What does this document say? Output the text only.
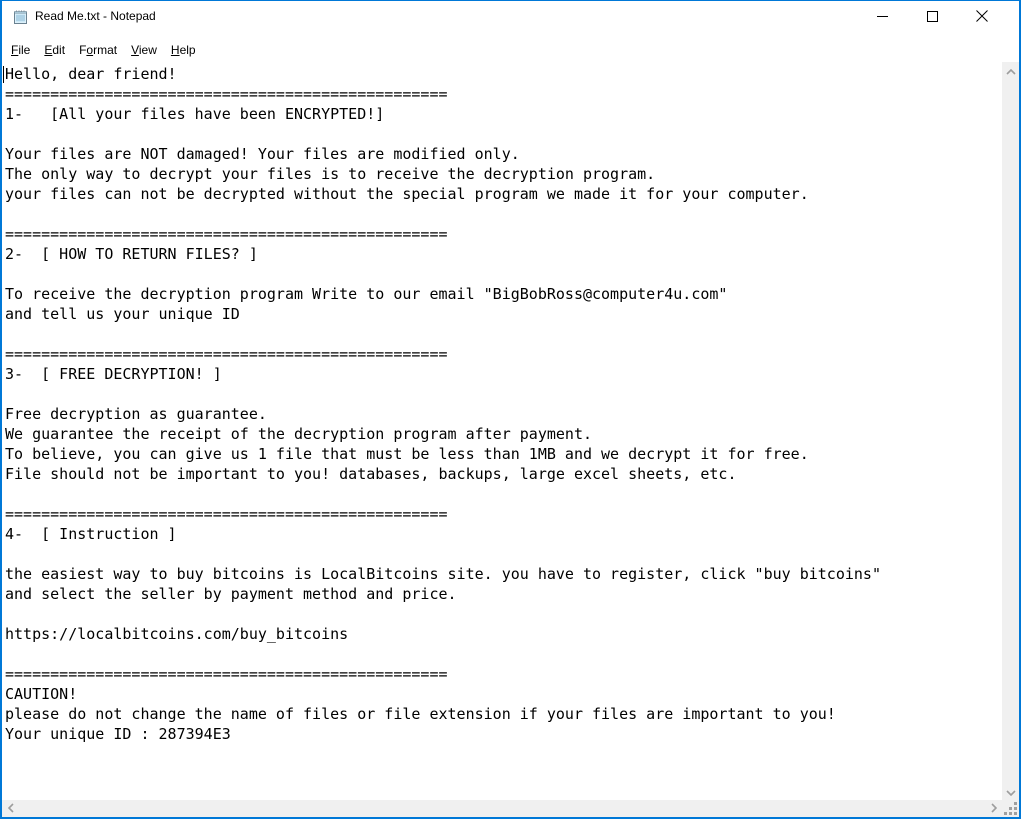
Read Me.txt - Notepad
File	Edit	Format	View	Help
Hello, dear friend!
=================================================
1-   [All your files have been ENCRYPTED!]
Your files are NOT damaged! Your files are modified only.
The only way to decrypt your files is to receive the decryption program.
your files can not be decrypted without the special program we made it for your computer.
=================================================
2-  [ HOW TO RETURN FILES? ]
To receive the decryption program Write to our email "BigBobRoss@computer4u.com"
and tell us your unique ID
=================================================
3-  [ FREE DECRYPTION! ]
Free decryption as guarantee.
We guarantee the receipt of the decryption program after payment.
To believe, you can give us 1 file that must be less than 1MB and we decrypt it for free.
File should not be important to you! databases, backups, large excel sheets, etc.
=================================================
4-  [ Instruction ]
the easiest way to buy bitcoins is LocalBitcoins site. you have to register, click "buy bitcoins"
and select the seller by payment method and price.
https://localbitcoins.com/buy_bitcoins
=================================================
CAUTION!
please do not change the name of files or file extension if your files are important to you!
Your unique ID : 287394E3
